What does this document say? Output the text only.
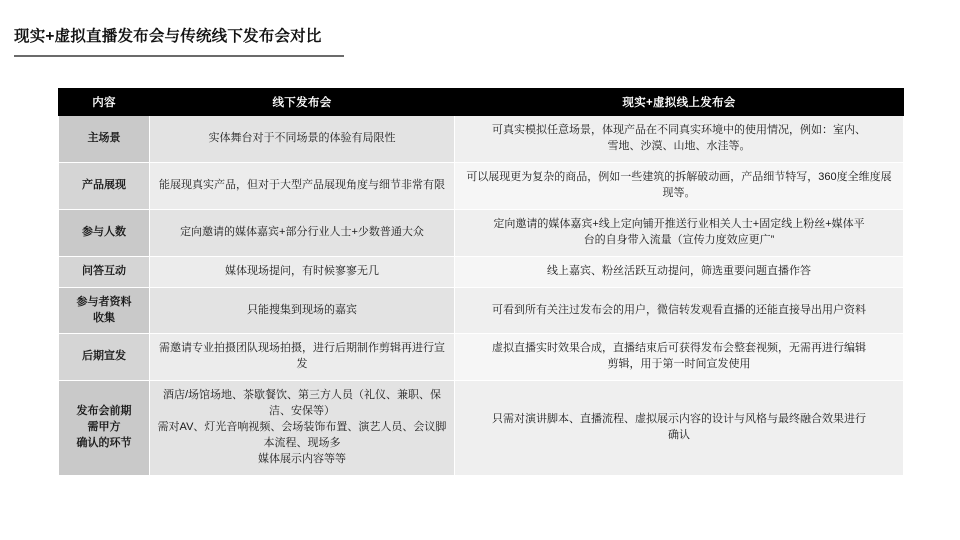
现实+虚拟直播发布会与传统线下发布会对比
内容	线下发布会	现实+虚拟线上发布会
主场景	实体舞台对于不同场景的体验有局限性	可真实模拟任意场景，体现产品在不同真实环境中的使用情况，例如：室内、
雪地、沙漠、山地、水洼等。

产品展现	能展现真实产品，但对于大型产品展现角度与细节非常有限	可以展现更为复杂的商品，例如一些建筑的拆解破动画，产品细节特写，360度全维度展现等。
参与人数	定向邀请的媒体嘉宾+部分行业人士+少数普通大众	定向邀请的媒体嘉宾+线上定向铺开推送行业相关人士+固定线上粉丝+媒体平
台的自身带入流量（宣传力度效应更广”

问答互动	媒体现场提问，有时候寥寥无几	线上嘉宾、粉丝活跃互动提问，筛选重要问题直播作答

参与者资料
收集	只能搜集到现场的嘉宾	可看到所有关注过发布会的用户，微信转发观看直播的还能直接导出用户资料
后期宣发	需邀请专业拍摄团队现场拍摄，进行后期制作剪辑再进行宣发	虚拟直播实时效果合成，直播结束后可获得发布会整套视频，无需再进行编辑
剪辑，用于第一时间宣发使用

发布会前期
需甲方
确认的环节	酒店/场馆场地、茶歇餐饮、第三方人员（礼仪、兼职、保洁、安保等）
需对AV、灯光音响视频、会场装饰布置、演艺人员、会议脚本流程、现场多
媒体展示内容等等	只需对演讲脚本、直播流程、虚拟展示内容的设计与风格与最终融合效果进行
确认
